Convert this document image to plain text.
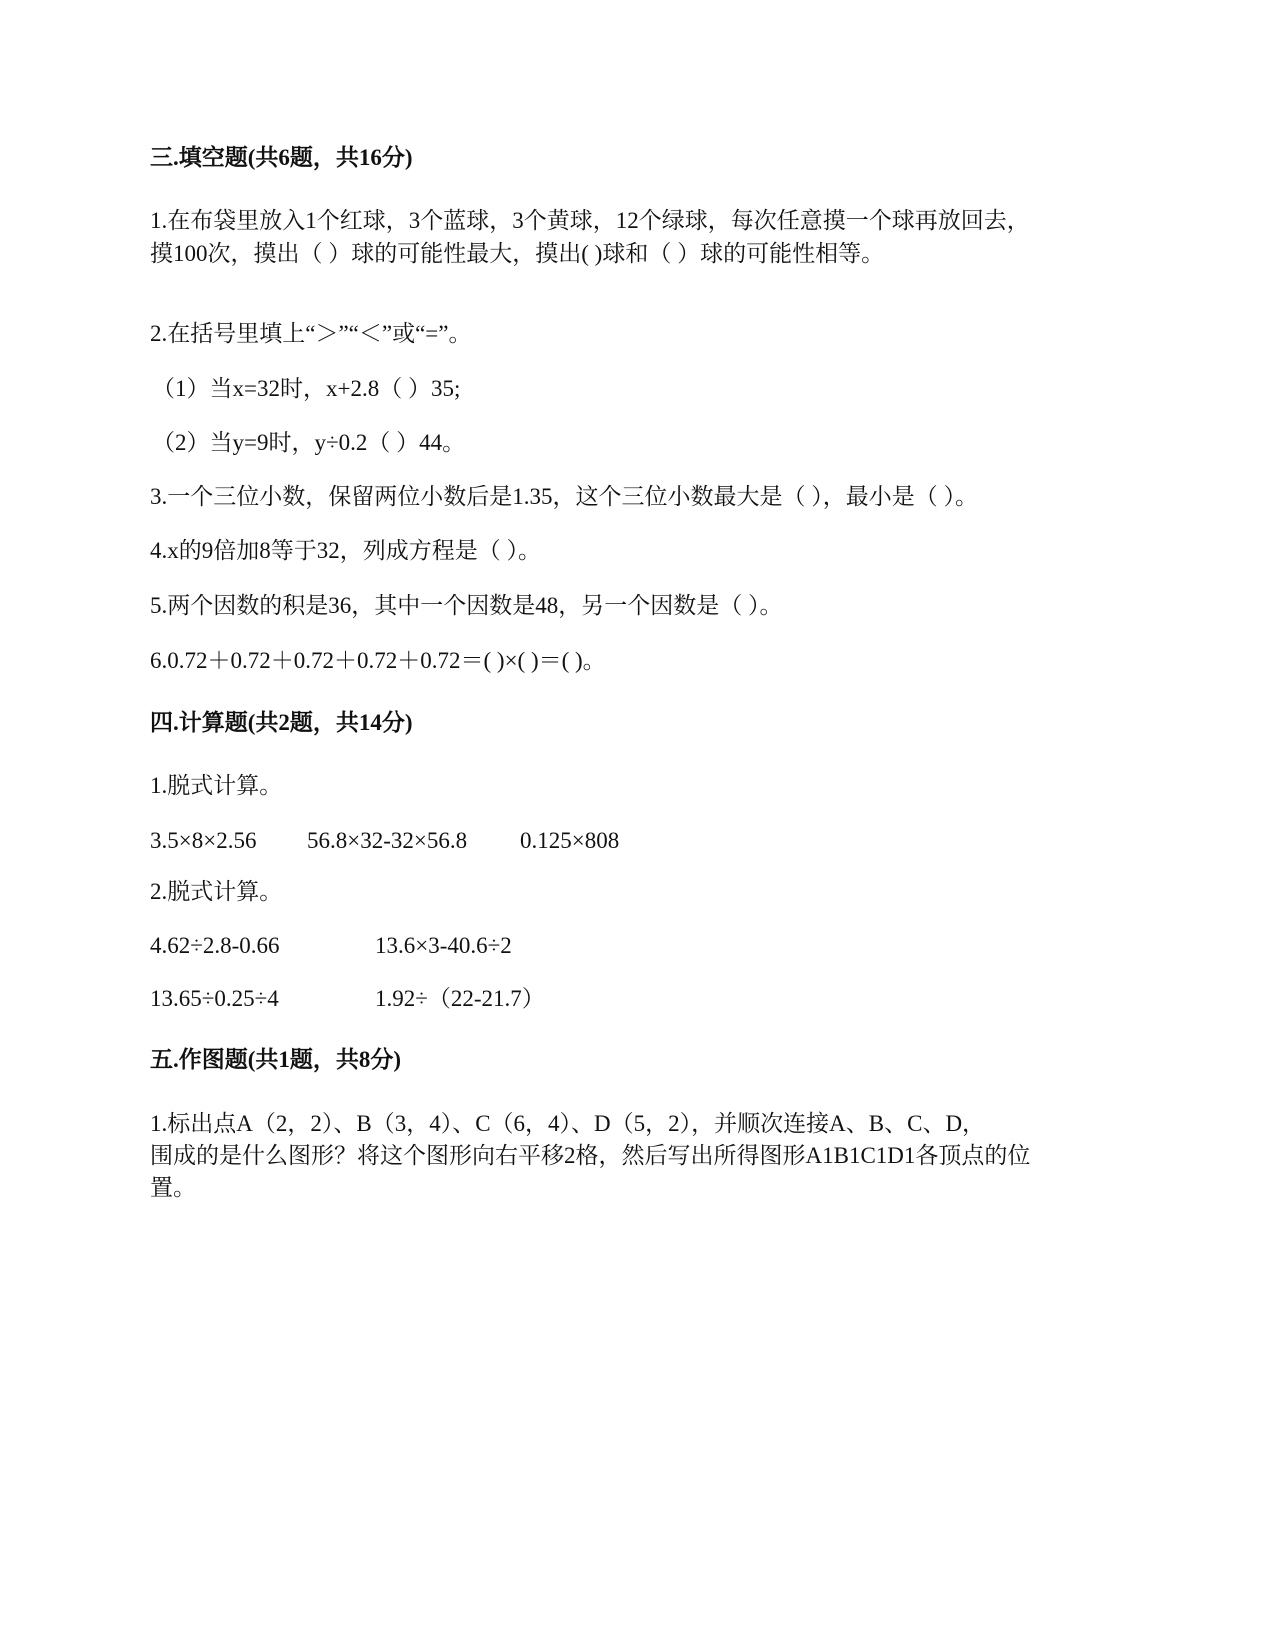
三.填空题(共6题，共16分)
1.在布袋里放入1个红球，3个蓝球，3个黄球，12个绿球，每次任意摸一个球再放回去，
摸100次，摸出（ ）球的可能性最大，摸出( )球和（ ）球的可能性相等。
2.在括号里填上“＞”“＜”或“=”。
（1）当x=32时，x+2.8（ ）35;
（2）当y=9时，y÷0.2（ ）44。
3.一个三位小数，保留两位小数后是1.35，这个三位小数最大是（ ），最小是（ ）。
4.x的9倍加8等于32，列成方程是（ ）。
5.两个因数的积是36，其中一个因数是48，另一个因数是（ ）。
6.0.72＋0.72＋0.72＋0.72＋0.72＝( )×( )＝( )。
四.计算题(共2题，共14分)
1.脱式计算。
3.5×8×2.56 56.8×32-32×56.8 0.125×808
2.脱式计算。
4.62÷2.8-0.66	13.6×3-40.6÷2
13.65÷0.25÷4	1.92÷（22-21.7）
五.作图题(共1题，共8分)
1.标出点A（2，2）、B（3，4）、C（6，4）、D（5，2），并顺次连接A、B、C、D，
围成的是什么图形？将这个图形向右平移2格，然后写出所得图形A1B1C1D1各顶点的位
置。
